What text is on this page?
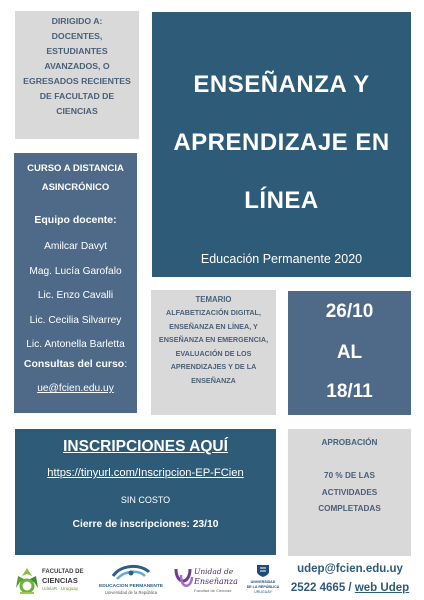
DIRIGIDO A:
DOCENTES,
ESTUDIANTES
AVANZADOS, O
EGRESADOS RECIENTES
DE FACULTAD DE
CIENCIAS
ENSEÑANZA Y
APRENDIZAJE EN
LÍNEA
Educación Permanente 2020
CURSO A DISTANCIA
ASINCRÓNICO
Equipo docente:
Amilcar Davyt
Mag. Lucía Garofalo
Lic. Enzo Cavalli
Lic. Cecilia Silvarrey
Lic. Antonella Barletta
Consultas del curso:
ue@fcien.edu.uy
TEMARIO
ALFABETIZACIÓN DIGITAL,
ENSEÑANZA EN LÍNEA, Y
ENSEÑANZA EN EMERGENCIA,
EVALUACIÓN DE LOS
APRENDIZAJES Y DE LA
ENSEÑANZA
26/10
AL
18/11
INSCRIPCIONES AQUÍ
https://tinyurl.com/Inscripcion-EP-FCien
SIN COSTO
Cierre de inscripciones: 23/10
APROBACIÓN
70 % DE LAS
ACTIVIDADES
COMPLETADAS
udep@fcien.edu.uy
2522 4665 / web Udep
FACULTAD DE
CIENCIAS
UdelaR · Uruguay	EDUCACION PERMANENTE
Universidad de la República
Unidad de
Enseñanza
Facultad de Ciencias
UNIVERSIDAD
DE LA REPÚBLICA
URUGUAY
